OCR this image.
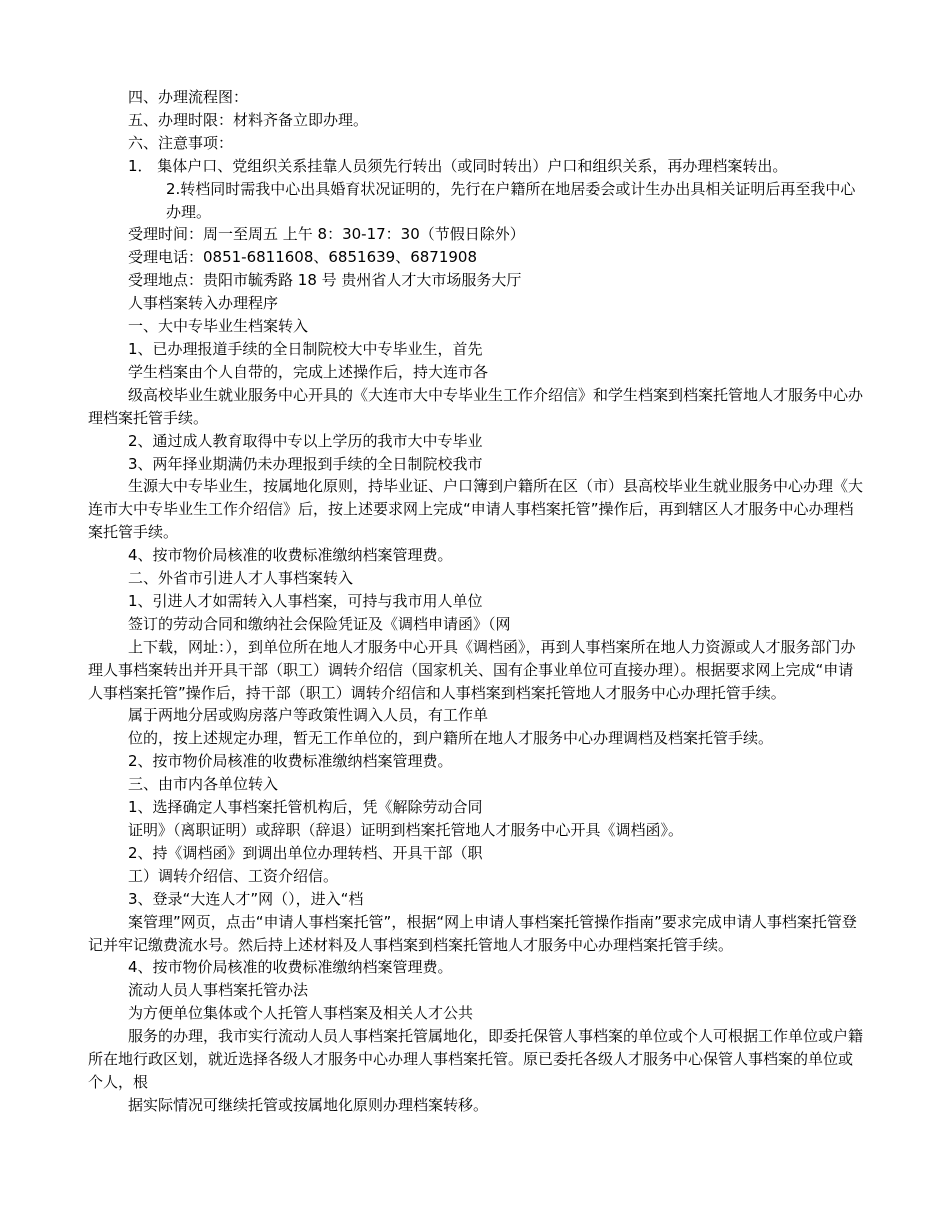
四、办理流程图：

五、办理时限：材料齐备立即办理。

六、注意事项：

1． 集体户口、党组织关系挂靠人员须先行转出（或同时转出）户口和组织关系，再办理档案转出。

2.转档同时需我中心出具婚育状况证明的，先行在户籍所在地居委会或计生办出具相关证明后再至我中心办理。

受理时间：周一至周五 上午 8：30-17：30（节假日除外）

受理电话：0851-6811608、6851639、6871908

受理地点：贵阳市毓秀路 18 号 贵州省人才大市场服务大厅

人事档案转入办理程序

一、大中专毕业生档案转入

1、已办理报道手续的全日制院校大中专毕业生，首先

学生档案由个人自带的，完成上述操作后，持大连市各

级高校毕业生就业服务中心开具的《大连市大中专毕业生工作介绍信》和学生档案到档案托管地人才服务中心办理档案托管手续。

2、通过成人教育取得中专以上学历的我市大中专毕业

3、两年择业期满仍未办理报到手续的全日制院校我市

生源大中专毕业生，按属地化原则，持毕业证、户口簿到户籍所在区（市）县高校毕业生就业服务中心办理《大连市大中专毕业生工作介绍信》后，按上述要求网上完成“申请人事档案托管”操作后，再到辖区人才服务中心办理档案托管手续。

4、按市物价局核准的收费标准缴纳档案管理费。

二、外省市引进人才人事档案转入

1、引进人才如需转入人事档案，可持与我市用人单位

签订的劳动合同和缴纳社会保险凭证及《调档申请函》（网

上下载，网址：），到单位所在地人才服务中心开具《调档函》，再到人事档案所在地人力资源或人才服务部门办理人事档案转出并开具干部（职工）调转介绍信（国家机关、国有企事业单位可直接办理）。根据要求网上完成“申请人事档案托管”操作后，持干部（职工）调转介绍信和人事档案到档案托管地人才服务中心办理托管手续。

属于两地分居或购房落户等政策性调入人员，有工作单

位的，按上述规定办理，暂无工作单位的，到户籍所在地人才服务中心办理调档及档案托管手续。

2、按市物价局核准的收费标准缴纳档案管理费。

三、由市内各单位转入

1、选择确定人事档案托管机构后，凭《解除劳动合同

证明》（离职证明）或辞职（辞退）证明到档案托管地人才服务中心开具《调档函》。

2、持《调档函》到调出单位办理转档、开具干部（职

工）调转介绍信、工资介绍信。

3、登录“大连人才”网（），进入“档

案管理”网页，点击“申请人事档案托管”，根据“网上申请人事档案托管操作指南”要求完成申请人事档案托管登记并牢记缴费流水号。然后持上述材料及人事档案到档案托管地人才服务中心办理档案托管手续。

4、按市物价局核准的收费标准缴纳档案管理费。

流动人员人事档案托管办法

为方便单位集体或个人托管人事档案及相关人才公共

服务的办理，我市实行流动人员人事档案托管属地化，即委托保管人事档案的单位或个人可根据工作单位或户籍所在地行政区划，就近选择各级人才服务中心办理人事档案托管。原已委托各级人才服务中心保管人事档案的单位或个人，根

据实际情况可继续托管或按属地化原则办理档案转移。
